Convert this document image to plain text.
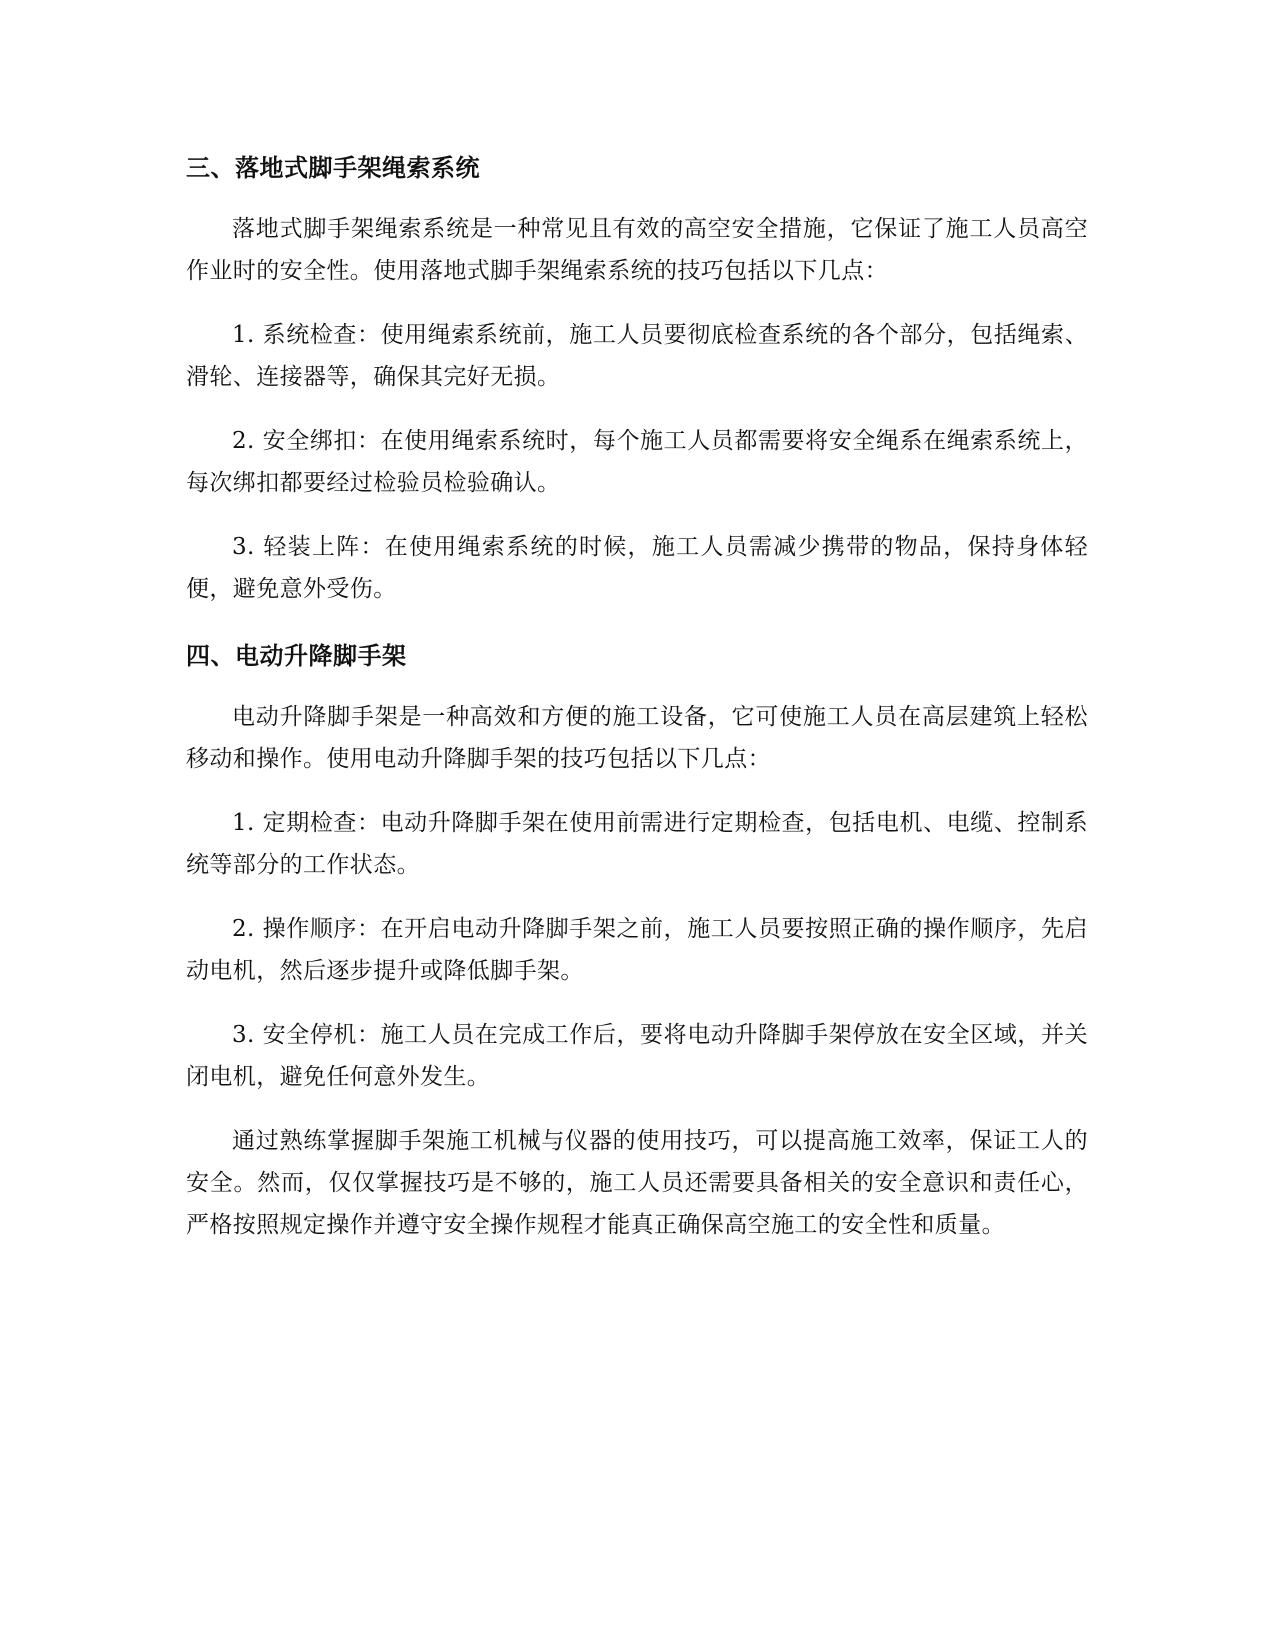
三、落地式脚手架绳索系统

落地式脚手架绳索系统是一种常见且有效的高空安全措施，它保证了施工人员高空作业时的安全性。使用落地式脚手架绳索系统的技巧包括以下几点：

1. 系统检查：使用绳索系统前，施工人员要彻底检查系统的各个部分，包括绳索、滑轮、连接器等，确保其完好无损。

2. 安全绑扣：在使用绳索系统时，每个施工人员都需要将安全绳系在绳索系统上，每次绑扣都要经过检验员检验确认。

3. 轻装上阵：在使用绳索系统的时候，施工人员需减少携带的物品，保持身体轻便，避免意外受伤。

四、电动升降脚手架

电动升降脚手架是一种高效和方便的施工设备，它可使施工人员在高层建筑上轻松移动和操作。使用电动升降脚手架的技巧包括以下几点：

1. 定期检查：电动升降脚手架在使用前需进行定期检查，包括电机、电缆、控制系统等部分的工作状态。

2. 操作顺序：在开启电动升降脚手架之前，施工人员要按照正确的操作顺序，先启动电机，然后逐步提升或降低脚手架。

3. 安全停机：施工人员在完成工作后，要将电动升降脚手架停放在安全区域，并关闭电机，避免任何意外发生。

通过熟练掌握脚手架施工机械与仪器的使用技巧，可以提高施工效率，保证工人的安全。然而，仅仅掌握技巧是不够的，施工人员还需要具备相关的安全意识和责任心，严格按照规定操作并遵守安全操作规程才能真正确保高空施工的安全性和质量。
